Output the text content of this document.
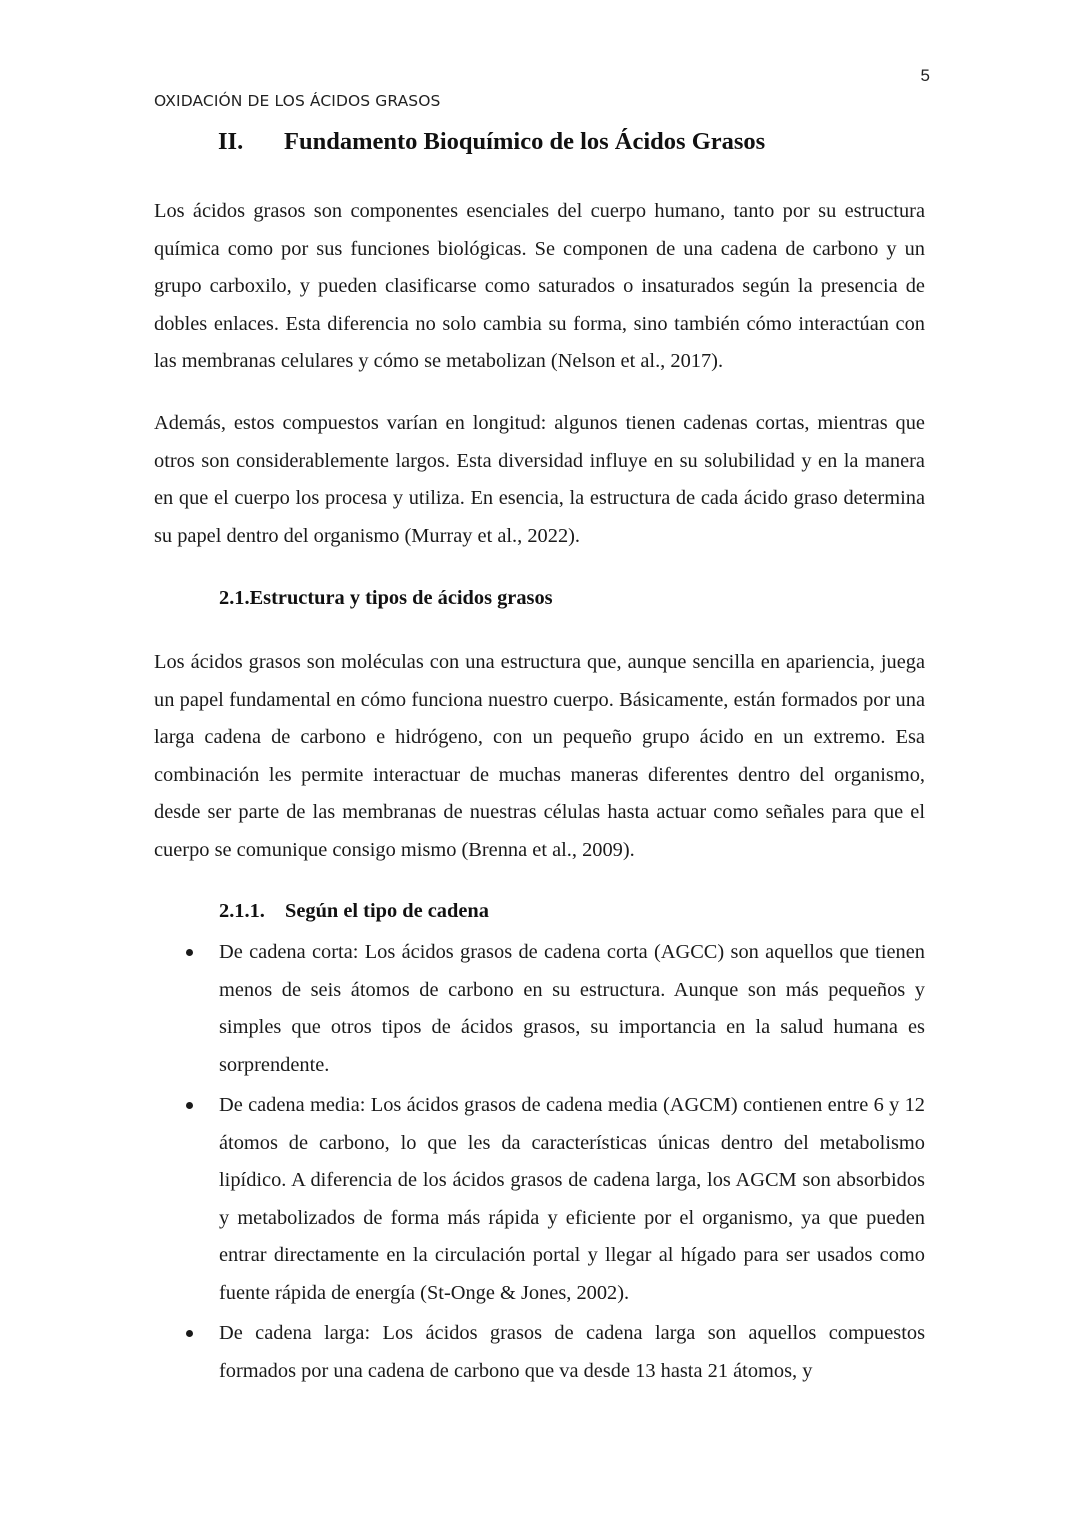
5
OXIDACIÓN DE LOS ÁCIDOS GRASOS
II. Fundamento Bioquímico de los Ácidos Grasos

Los ácidos grasos son componentes esenciales del cuerpo humano, tanto por su estructura química como por sus funciones biológicas. Se componen de una cadena de carbono y un grupo carboxilo, y pueden clasificarse como saturados o insaturados según la presencia de dobles enlaces. Esta diferencia no solo cambia su forma, sino también cómo interactúan con las membranas celulares y cómo se metabolizan (Nelson et al., 2017).

Además, estos compuestos varían en longitud: algunos tienen cadenas cortas, mientras que otros son considerablemente largos. Esta diversidad influye en su solubilidad y en la manera en que el cuerpo los procesa y utiliza. En esencia, la estructura de cada ácido graso determina su papel dentro del organismo (Murray et al., 2022).

2.1.Estructura y tipos de ácidos grasos

Los ácidos grasos son moléculas con una estructura que, aunque sencilla en apariencia, juega un papel fundamental en cómo funciona nuestro cuerpo. Básicamente, están formados por una larga cadena de carbono e hidrógeno, con un pequeño grupo ácido en un extremo. Esa combinación les permite interactuar de muchas maneras diferentes dentro del organismo, desde ser parte de las membranas de nuestras células hasta actuar como señales para que el cuerpo se comunique consigo mismo (Brenna et al., 2009).

2.1.1. Según el tipo de cadena
De cadena corta: Los ácidos grasos de cadena corta (AGCC) son aquellos que tienen menos de seis átomos de carbono en su estructura. Aunque son más pequeños y simples que otros tipos de ácidos grasos, su importancia en la salud humana es sorprendente.
De cadena media: Los ácidos grasos de cadena media (AGCM) contienen entre 6 y 12 átomos de carbono, lo que les da características únicas dentro del metabolismo lipídico. A diferencia de los ácidos grasos de cadena larga, los AGCM son absorbidos y metabolizados de forma más rápida y eficiente por el organismo, ya que pueden entrar directamente en la circulación portal y llegar al hígado para ser usados como fuente rápida de energía (St-Onge & Jones, 2002).
De cadena larga: Los ácidos grasos de cadena larga son aquellos compuestos formados por una cadena de carbono que va desde 13 hasta 21 átomos, y
